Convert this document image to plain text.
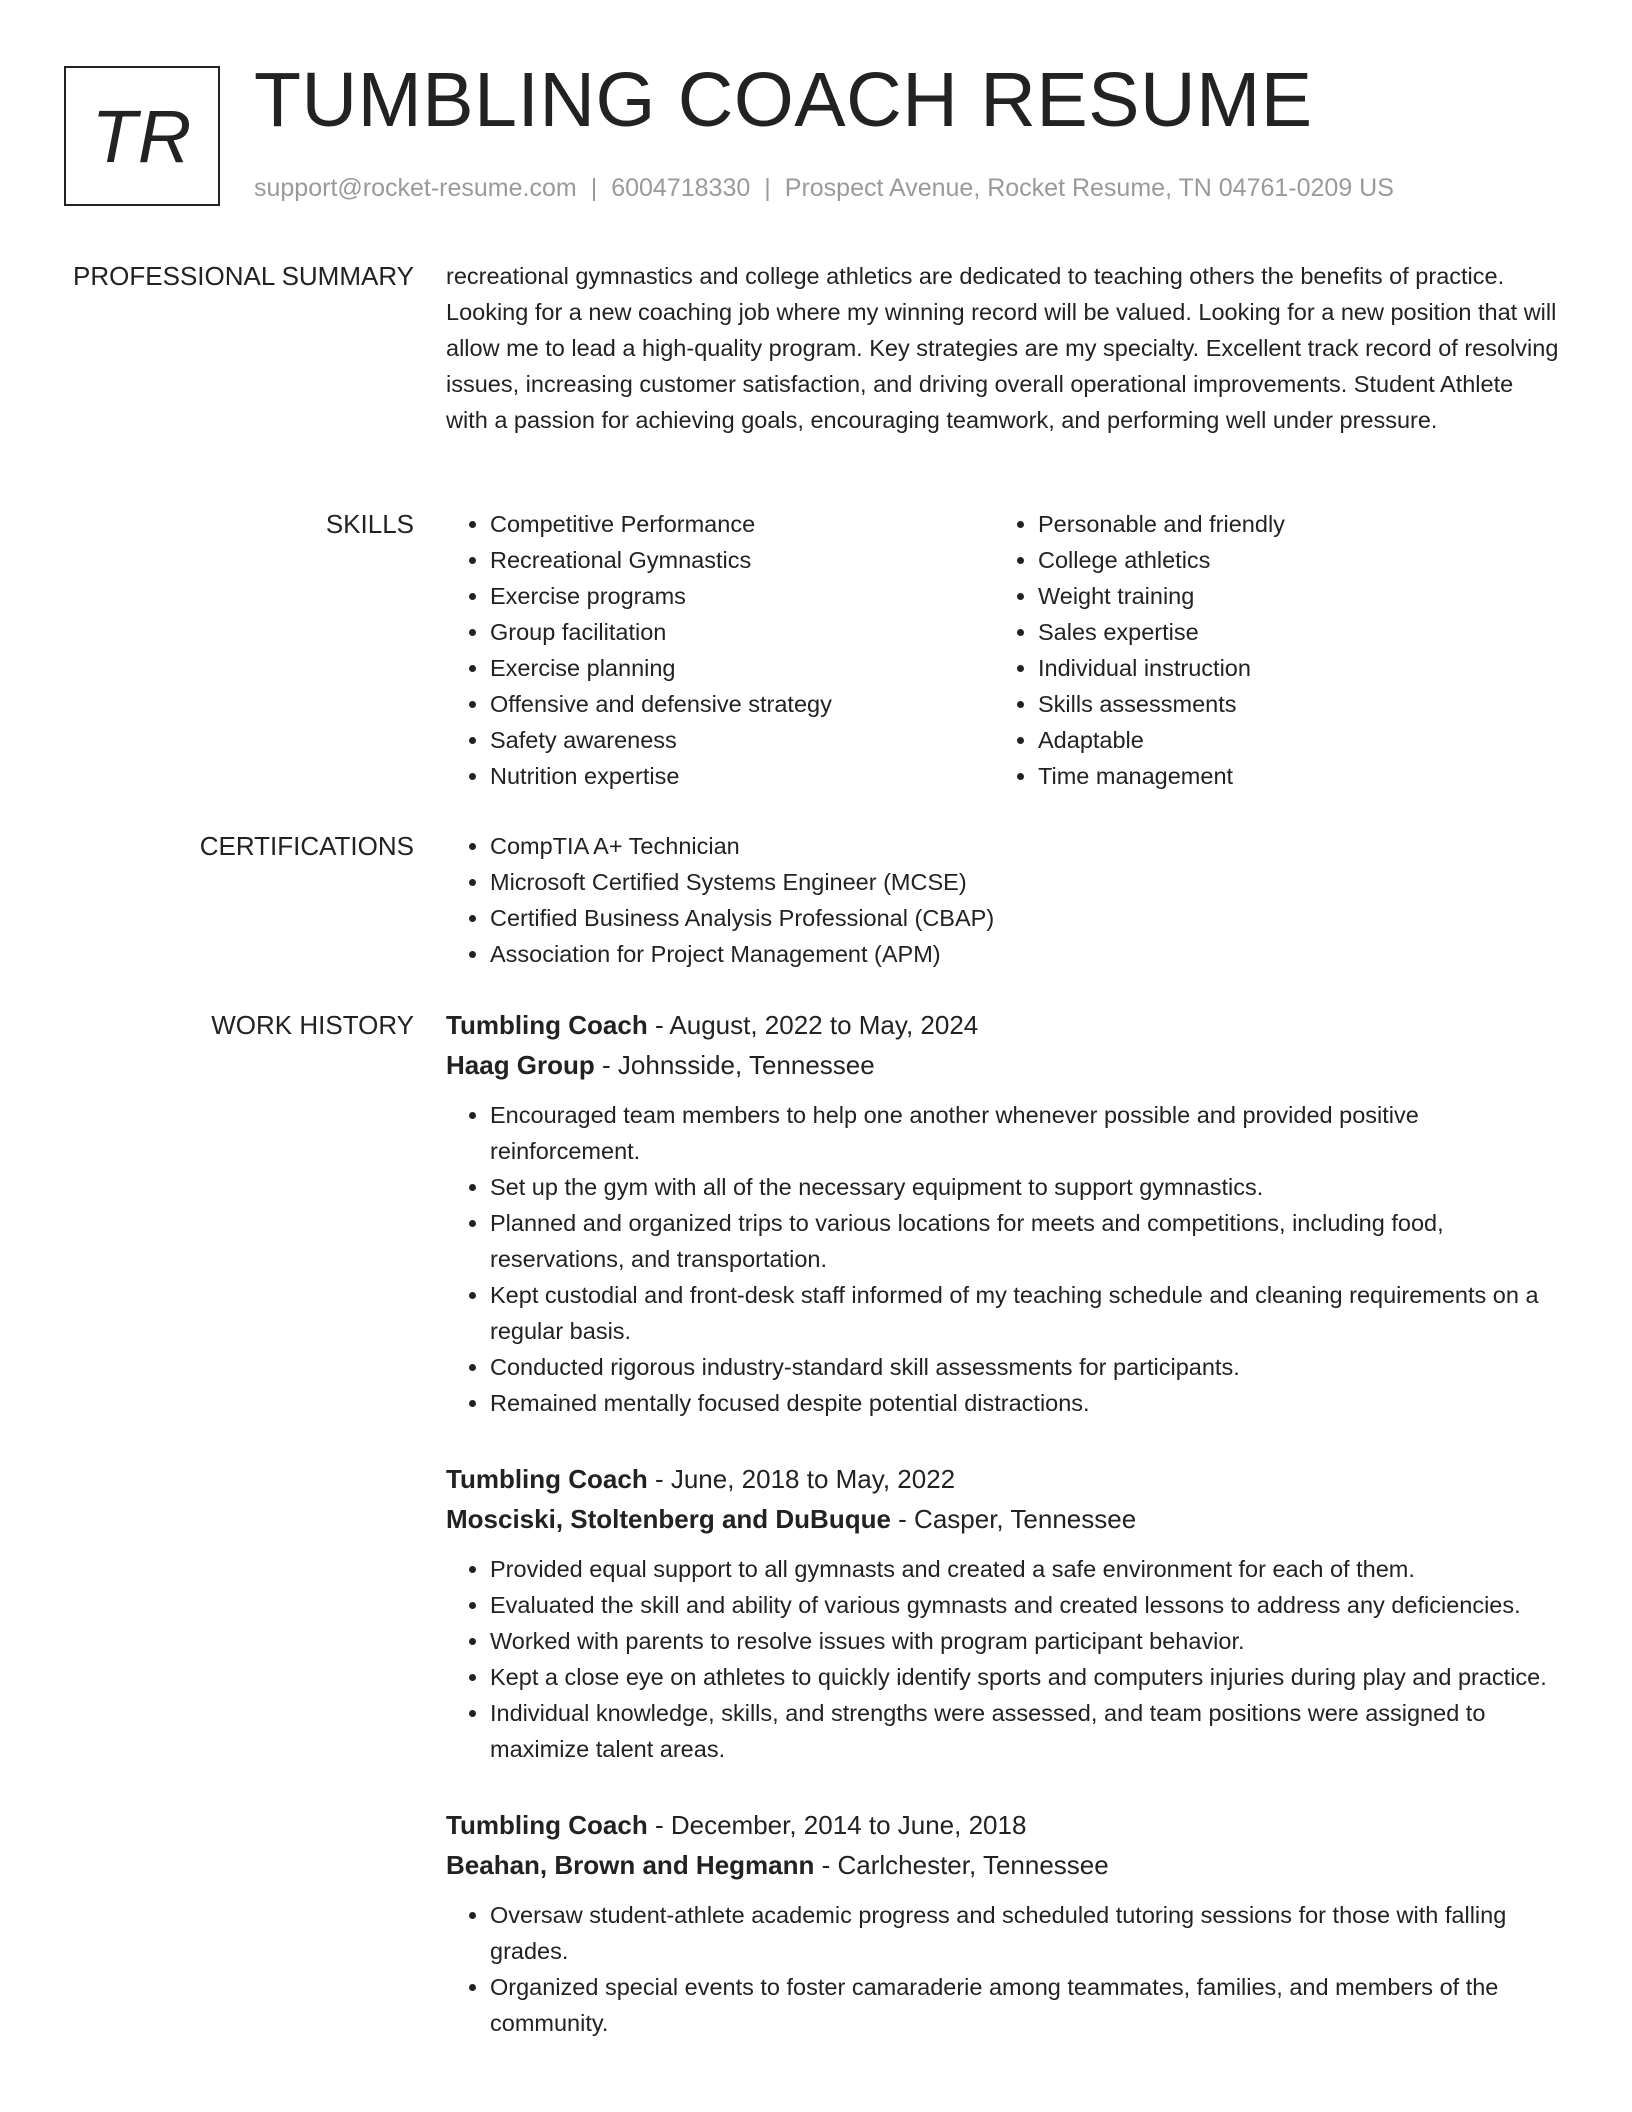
TR TUMBLING COACH RESUME
support@rocket-resume.com | 6004718330 | Prospect Avenue, Rocket Resume, TN 04761-0209 US
PROFESSIONAL SUMMARY recreational gymnastics and college athletics are dedicated to teaching others the benefits of practice. Looking for a new coaching job where my winning record will be valued. Looking for a new position that will allow me to lead a high-quality program. Key strategies are my specialty. Excellent track record of resolving issues, increasing customer satisfaction, and driving overall operational improvements. Student Athlete with a passion for achieving goals, encouraging teamwork, and performing well under pressure.

SKILLS	• Competitive Performance
• Recreational Gymnastics
• Exercise programs
• Group facilitation
• Exercise planning
• Offensive and defensive strategy
• Safety awareness
• Nutrition expertise
• Personable and friendly
• College athletics
• Weight training
• Sales expertise
• Individual instruction
• Skills assessments
• Adaptable
• Time management
CERTIFICATIONS	• CompTIA A+ Technician
• Microsoft Certified Systems Engineer (MCSE)
• Certified Business Analysis Professional (CBAP)
• Association for Project Management (APM)
WORK HISTORY Tumbling Coach - August, 2022 to May, 2024
Haag Group - Johnsside, Tennessee
• Encouraged team members to help one another whenever possible and provided positive reinforcement.
• Set up the gym with all of the necessary equipment to support gymnastics.
• Planned and organized trips to various locations for meets and competitions, including food, reservations, and transportation.
• Kept custodial and front-desk staff informed of my teaching schedule and cleaning requirements on a regular basis.
• Conducted rigorous industry-standard skill assessments for participants.
• Remained mentally focused despite potential distractions.
Tumbling Coach - June, 2018 to May, 2022
Mosciski, Stoltenberg and DuBuque - Casper, Tennessee
• Provided equal support to all gymnasts and created a safe environment for each of them.
• Evaluated the skill and ability of various gymnasts and created lessons to address any deficiencies.
• Worked with parents to resolve issues with program participant behavior.
• Kept a close eye on athletes to quickly identify sports and computers injuries during play and practice.
• Individual knowledge, skills, and strengths were assessed, and team positions were assigned to maximize talent areas.
Tumbling Coach - December, 2014 to June, 2018
Beahan, Brown and Hegmann - Carlchester, Tennessee
• Oversaw student-athlete academic progress and scheduled tutoring sessions for those with falling grades.
• Organized special events to foster camaraderie among teammates, families, and members of the community.
